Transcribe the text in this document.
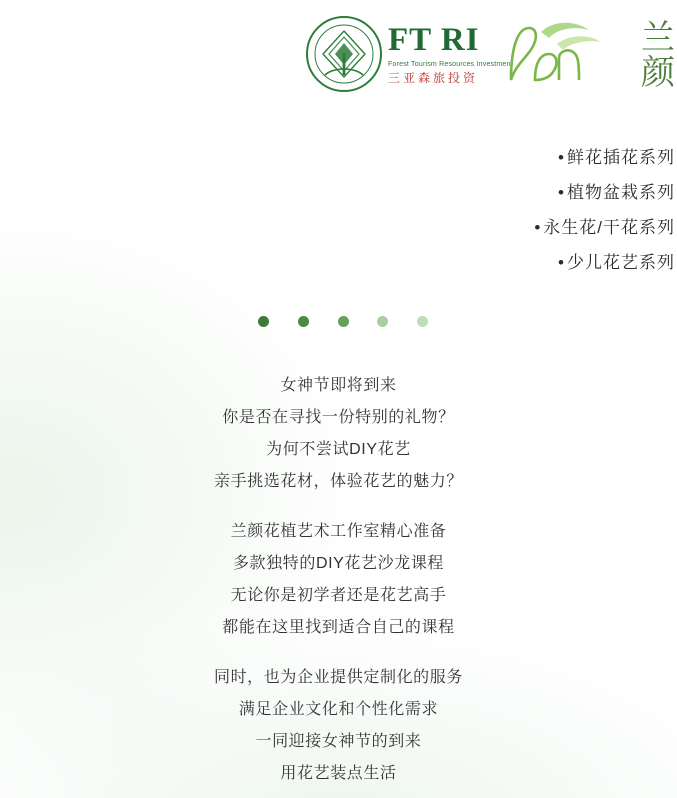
FT RI
Forest Tourism Resources Investment
三亚森旅投资
兰
颜
• 鲜花插花系列
• 植物盆栽系列
• 永生花/干花系列
• 少儿花艺系列
女神节即将到来
你是否在寻找一份特别的礼物？
为何不尝试DIY花艺
亲手挑选花材，体验花艺的魅力？
兰颜花植艺术工作室精心准备
多款独特的DIY花艺沙龙课程
无论你是初学者还是花艺高手
都能在这里找到适合自己的课程
同时，也为企业提供定制化的服务
满足企业文化和个性化需求
一同迎接女神节的到来
用花艺装点生活
